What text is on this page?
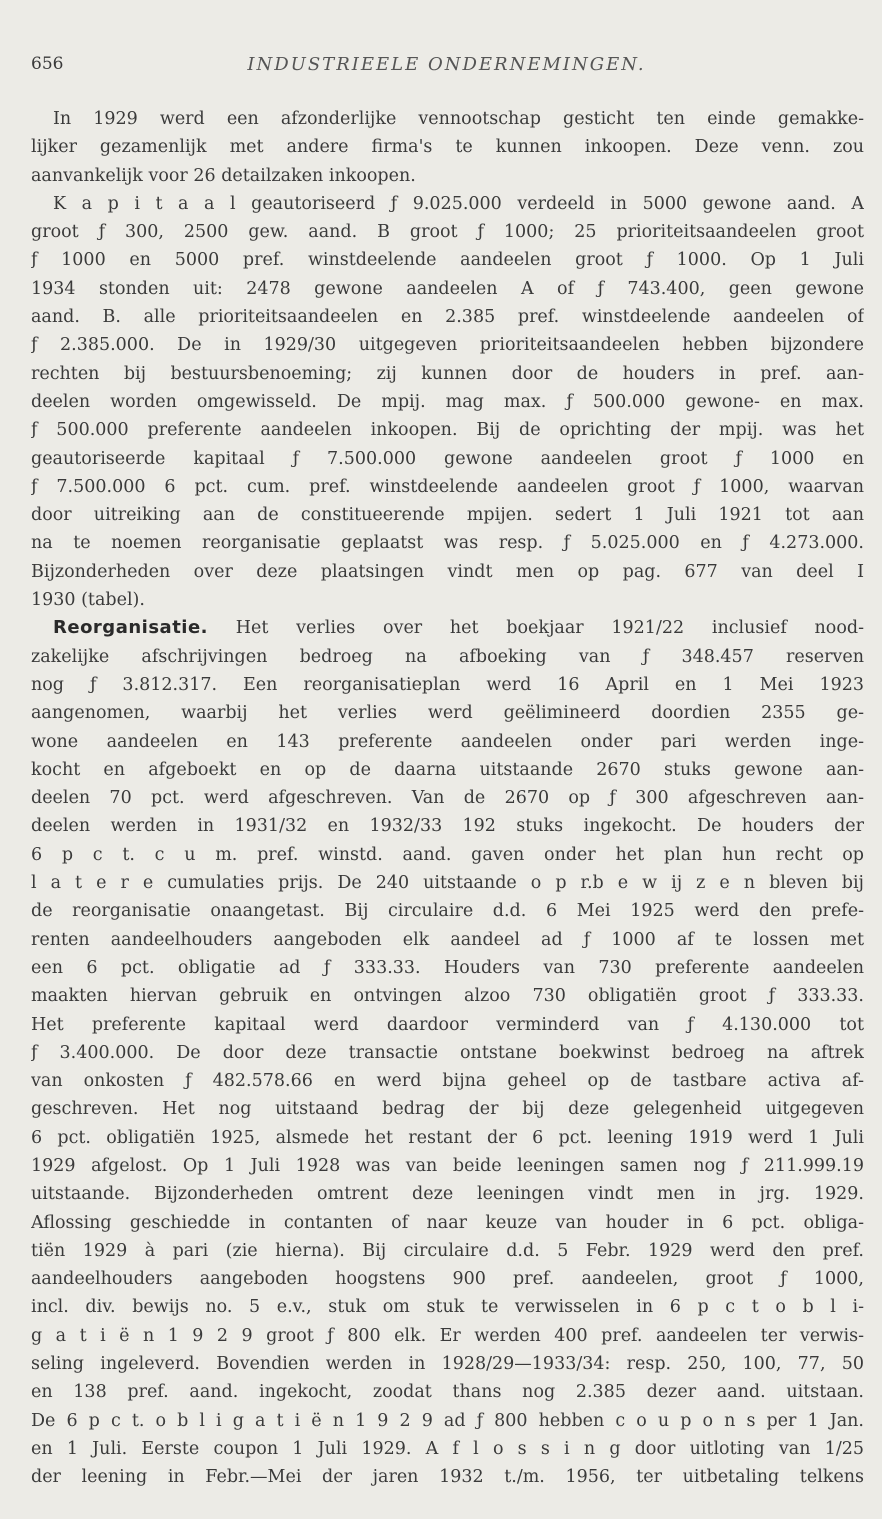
656	INDUSTRIEELE ONDERNEMINGEN.
In 1929 werd een afzonderlijke vennootschap gesticht ten einde gemakke-
lijker gezamenlijk met andere firma's te kunnen inkoopen. Deze venn. zou
aanvankelijk voor 26 detailzaken inkoopen.
K a p i t a a l geautoriseerd ƒ 9.025.000 verdeeld in 5000 gewone aand. A
groot ƒ 300, 2500 gew. aand. B groot ƒ 1000; 25 prioriteitsaandeelen groot
ƒ 1000 en 5000 pref. winstdeelende aandeelen groot ƒ 1000. Op 1 Juli
1934 stonden uit: 2478 gewone aandeelen A of ƒ 743.400, geen gewone
aand. B. alle prioriteitsaandeelen en 2.385 pref. winstdeelende aandeelen of
ƒ 2.385.000. De in 1929/30 uitgegeven prioriteitsaandeelen hebben bijzondere
rechten bij bestuursbenoeming; zij kunnen door de houders in pref. aan-
deelen worden omgewisseld. De mpij. mag max. ƒ 500.000 gewone- en max.
ƒ 500.000 preferente aandeelen inkoopen. Bij de oprichting der mpij. was het
geautoriseerde kapitaal ƒ 7.500.000 gewone aandeelen groot ƒ 1000 en
ƒ 7.500.000 6 pct. cum. pref. winstdeelende aandeelen groot ƒ 1000, waarvan
door uitreiking aan de constitueerende mpijen. sedert 1 Juli 1921 tot aan
na te noemen reorganisatie geplaatst was resp. ƒ 5.025.000 en ƒ 4.273.000.
Bijzonderheden over deze plaatsingen vindt men op pag. 677 van deel I
1930 (tabel).
Reorganisatie. Het verlies over het boekjaar 1921/22 inclusief nood-
zakelijke afschrijvingen bedroeg na afboeking van ƒ 348.457 reserven
nog ƒ 3.812.317. Een reorganisatieplan werd 16 April en 1 Mei 1923
aangenomen, waarbij het verlies werd geëlimineerd doordien 2355 ge-
wone aandeelen en 143 preferente aandeelen onder pari werden inge-
kocht en afgeboekt en op de daarna uitstaande 2670 stuks gewone aan-
deelen 70 pct. werd afgeschreven. Van de 2670 op ƒ 300 afgeschreven aan-
deelen werden in 1931/32 en 1932/33 192 stuks ingekocht. De houders der
6 p c t. c u m. pref. winstd. aand. gaven onder het plan hun recht op
l a t e r e cumulaties prijs. De 240 uitstaande o p r.b e w ij z e n bleven bij
de reorganisatie onaangetast. Bij circulaire d.d. 6 Mei 1925 werd den prefe-
renten aandeelhouders aangeboden elk aandeel ad ƒ 1000 af te lossen met
een 6 pct. obligatie ad ƒ 333.33. Houders van 730 preferente aandeelen
maakten hiervan gebruik en ontvingen alzoo 730 obligatiën groot ƒ 333.33.
Het preferente kapitaal werd daardoor verminderd van ƒ 4.130.000 tot
ƒ 3.400.000. De door deze transactie ontstane boekwinst bedroeg na aftrek
van onkosten ƒ 482.578.66 en werd bijna geheel op de tastbare activa af-
geschreven. Het nog uitstaand bedrag der bij deze gelegenheid uitgegeven
6 pct. obligatiën 1925, alsmede het restant der 6 pct. leening 1919 werd 1 Juli
1929 afgelost. Op 1 Juli 1928 was van beide leeningen samen nog ƒ 211.999.19
uitstaande. Bijzonderheden omtrent deze leeningen vindt men in jrg. 1929.
Aflossing geschiedde in contanten of naar keuze van houder in 6 pct. obliga-
tiën 1929 à pari (zie hierna). Bij circulaire d.d. 5 Febr. 1929 werd den pref.
aandeelhouders aangeboden hoogstens 900 pref. aandeelen, groot ƒ 1000,
incl. div. bewijs no. 5 e.v., stuk om stuk te verwisselen in 6 p c t o b l i-
g a t i ë n 1 9 2 9 groot ƒ 800 elk. Er werden 400 pref. aandeelen ter verwis-
seling ingeleverd. Bovendien werden in 1928/29—1933/34: resp. 250, 100, 77, 50
en 138 pref. aand. ingekocht, zoodat thans nog 2.385 dezer aand. uitstaan.
De 6 p c t. o b l i g a t i ë n 1 9 2 9 ad ƒ 800 hebben c o u p o n s per 1 Jan.
en 1 Juli. Eerste coupon 1 Juli 1929. A f l o s s i n g door uitloting van 1/25
der leening in Febr.—Mei der jaren 1932 t./m. 1956, ter uitbetaling telkens
